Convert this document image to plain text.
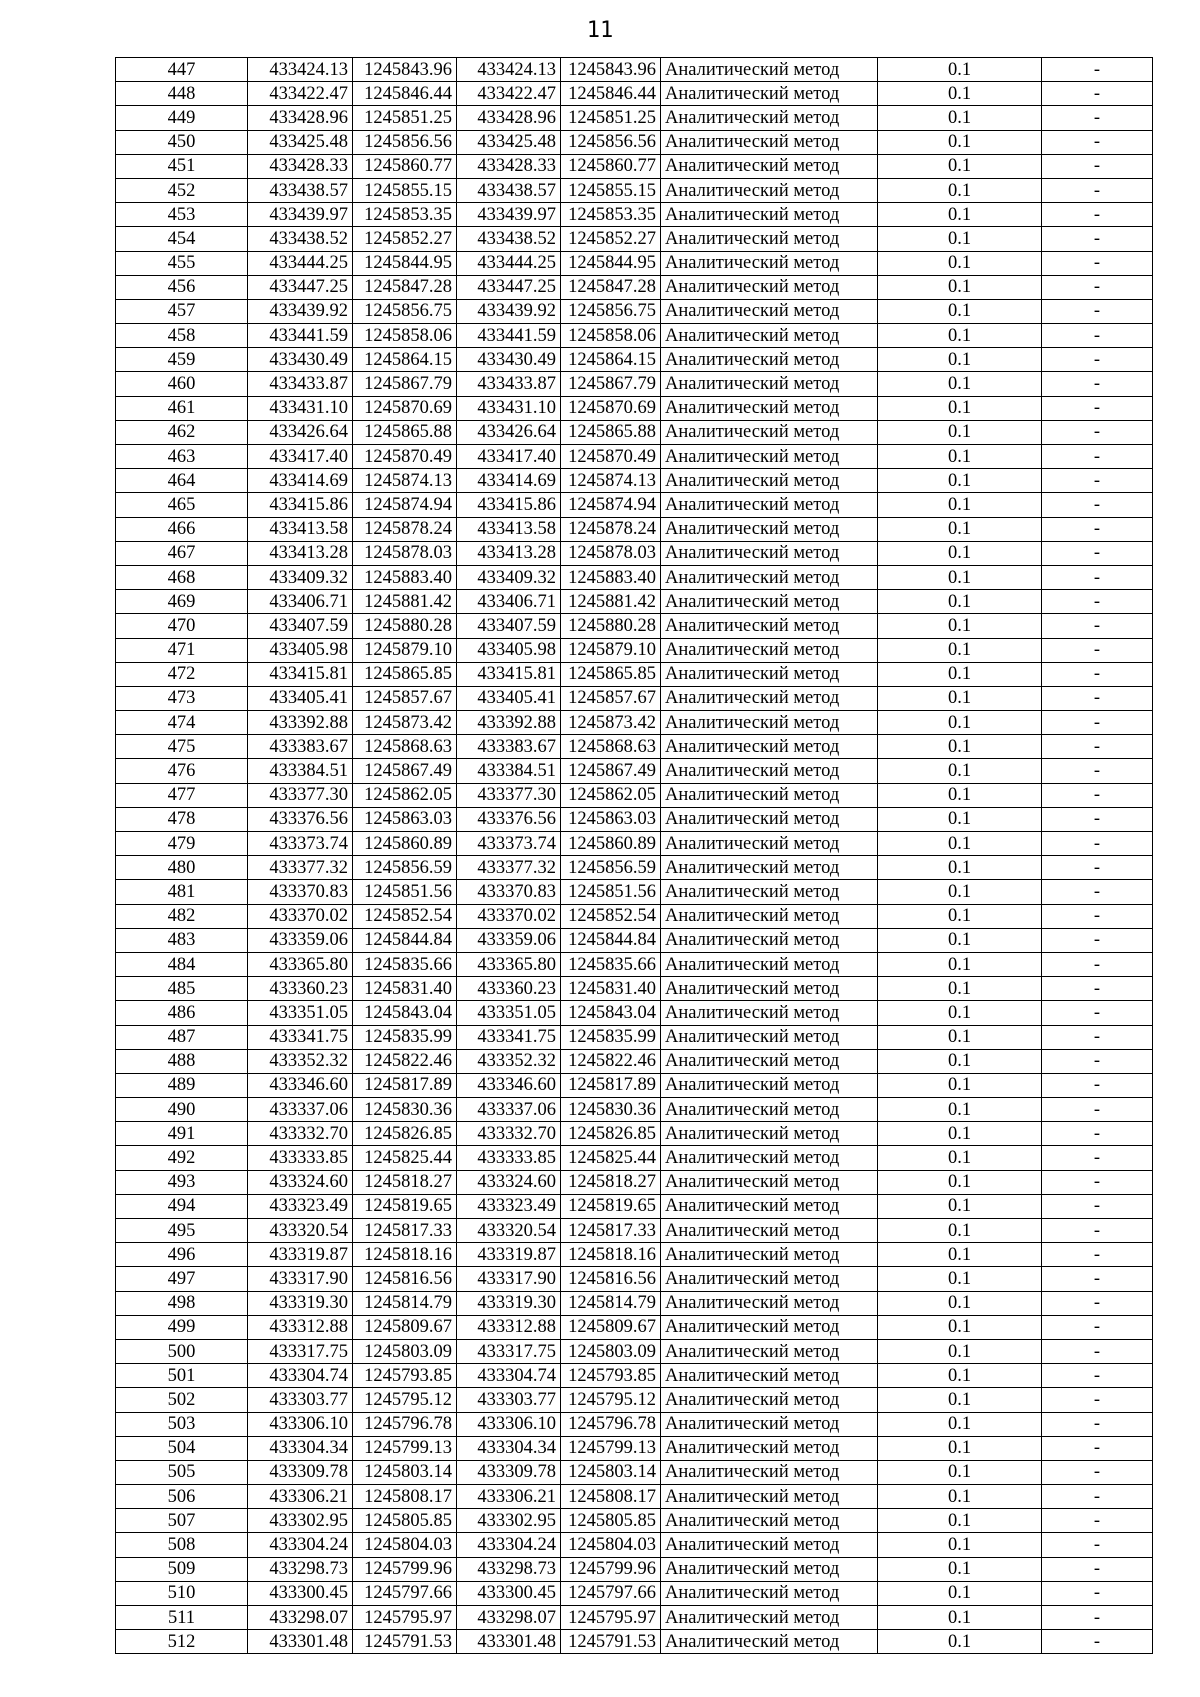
11
447	433424.13	1245843.96	433424.13	1245843.96	Аналитический метод	0.1	-
448	433422.47	1245846.44	433422.47	1245846.44	Аналитический метод	0.1	-
449	433428.96	1245851.25	433428.96	1245851.25	Аналитический метод	0.1	-
450	433425.48	1245856.56	433425.48	1245856.56	Аналитический метод	0.1	-
451	433428.33	1245860.77	433428.33	1245860.77	Аналитический метод	0.1	-
452	433438.57	1245855.15	433438.57	1245855.15	Аналитический метод	0.1	-
453	433439.97	1245853.35	433439.97	1245853.35	Аналитический метод	0.1	-
454	433438.52	1245852.27	433438.52	1245852.27	Аналитический метод	0.1	-
455	433444.25	1245844.95	433444.25	1245844.95	Аналитический метод	0.1	-
456	433447.25	1245847.28	433447.25	1245847.28	Аналитический метод	0.1	-
457	433439.92	1245856.75	433439.92	1245856.75	Аналитический метод	0.1	-
458	433441.59	1245858.06	433441.59	1245858.06	Аналитический метод	0.1	-
459	433430.49	1245864.15	433430.49	1245864.15	Аналитический метод	0.1	-
460	433433.87	1245867.79	433433.87	1245867.79	Аналитический метод	0.1	-
461	433431.10	1245870.69	433431.10	1245870.69	Аналитический метод	0.1	-
462	433426.64	1245865.88	433426.64	1245865.88	Аналитический метод	0.1	-
463	433417.40	1245870.49	433417.40	1245870.49	Аналитический метод	0.1	-
464	433414.69	1245874.13	433414.69	1245874.13	Аналитический метод	0.1	-
465	433415.86	1245874.94	433415.86	1245874.94	Аналитический метод	0.1	-
466	433413.58	1245878.24	433413.58	1245878.24	Аналитический метод	0.1	-
467	433413.28	1245878.03	433413.28	1245878.03	Аналитический метод	0.1	-
468	433409.32	1245883.40	433409.32	1245883.40	Аналитический метод	0.1	-
469	433406.71	1245881.42	433406.71	1245881.42	Аналитический метод	0.1	-
470	433407.59	1245880.28	433407.59	1245880.28	Аналитический метод	0.1	-
471	433405.98	1245879.10	433405.98	1245879.10	Аналитический метод	0.1	-
472	433415.81	1245865.85	433415.81	1245865.85	Аналитический метод	0.1	-
473	433405.41	1245857.67	433405.41	1245857.67	Аналитический метод	0.1	-
474	433392.88	1245873.42	433392.88	1245873.42	Аналитический метод	0.1	-
475	433383.67	1245868.63	433383.67	1245868.63	Аналитический метод	0.1	-
476	433384.51	1245867.49	433384.51	1245867.49	Аналитический метод	0.1	-
477	433377.30	1245862.05	433377.30	1245862.05	Аналитический метод	0.1	-
478	433376.56	1245863.03	433376.56	1245863.03	Аналитический метод	0.1	-
479	433373.74	1245860.89	433373.74	1245860.89	Аналитический метод	0.1	-
480	433377.32	1245856.59	433377.32	1245856.59	Аналитический метод	0.1	-
481	433370.83	1245851.56	433370.83	1245851.56	Аналитический метод	0.1	-
482	433370.02	1245852.54	433370.02	1245852.54	Аналитический метод	0.1	-
483	433359.06	1245844.84	433359.06	1245844.84	Аналитический метод	0.1	-
484	433365.80	1245835.66	433365.80	1245835.66	Аналитический метод	0.1	-
485	433360.23	1245831.40	433360.23	1245831.40	Аналитический метод	0.1	-
486	433351.05	1245843.04	433351.05	1245843.04	Аналитический метод	0.1	-
487	433341.75	1245835.99	433341.75	1245835.99	Аналитический метод	0.1	-
488	433352.32	1245822.46	433352.32	1245822.46	Аналитический метод	0.1	-
489	433346.60	1245817.89	433346.60	1245817.89	Аналитический метод	0.1	-
490	433337.06	1245830.36	433337.06	1245830.36	Аналитический метод	0.1	-
491	433332.70	1245826.85	433332.70	1245826.85	Аналитический метод	0.1	-
492	433333.85	1245825.44	433333.85	1245825.44	Аналитический метод	0.1	-
493	433324.60	1245818.27	433324.60	1245818.27	Аналитический метод	0.1	-
494	433323.49	1245819.65	433323.49	1245819.65	Аналитический метод	0.1	-
495	433320.54	1245817.33	433320.54	1245817.33	Аналитический метод	0.1	-
496	433319.87	1245818.16	433319.87	1245818.16	Аналитический метод	0.1	-
497	433317.90	1245816.56	433317.90	1245816.56	Аналитический метод	0.1	-
498	433319.30	1245814.79	433319.30	1245814.79	Аналитический метод	0.1	-
499	433312.88	1245809.67	433312.88	1245809.67	Аналитический метод	0.1	-
500	433317.75	1245803.09	433317.75	1245803.09	Аналитический метод	0.1	-
501	433304.74	1245793.85	433304.74	1245793.85	Аналитический метод	0.1	-
502	433303.77	1245795.12	433303.77	1245795.12	Аналитический метод	0.1	-
503	433306.10	1245796.78	433306.10	1245796.78	Аналитический метод	0.1	-
504	433304.34	1245799.13	433304.34	1245799.13	Аналитический метод	0.1	-
505	433309.78	1245803.14	433309.78	1245803.14	Аналитический метод	0.1	-
506	433306.21	1245808.17	433306.21	1245808.17	Аналитический метод	0.1	-
507	433302.95	1245805.85	433302.95	1245805.85	Аналитический метод	0.1	-
508	433304.24	1245804.03	433304.24	1245804.03	Аналитический метод	0.1	-
509	433298.73	1245799.96	433298.73	1245799.96	Аналитический метод	0.1	-
510	433300.45	1245797.66	433300.45	1245797.66	Аналитический метод	0.1	-
511	433298.07	1245795.97	433298.07	1245795.97	Аналитический метод	0.1	-
512	433301.48	1245791.53	433301.48	1245791.53	Аналитический метод	0.1	-
